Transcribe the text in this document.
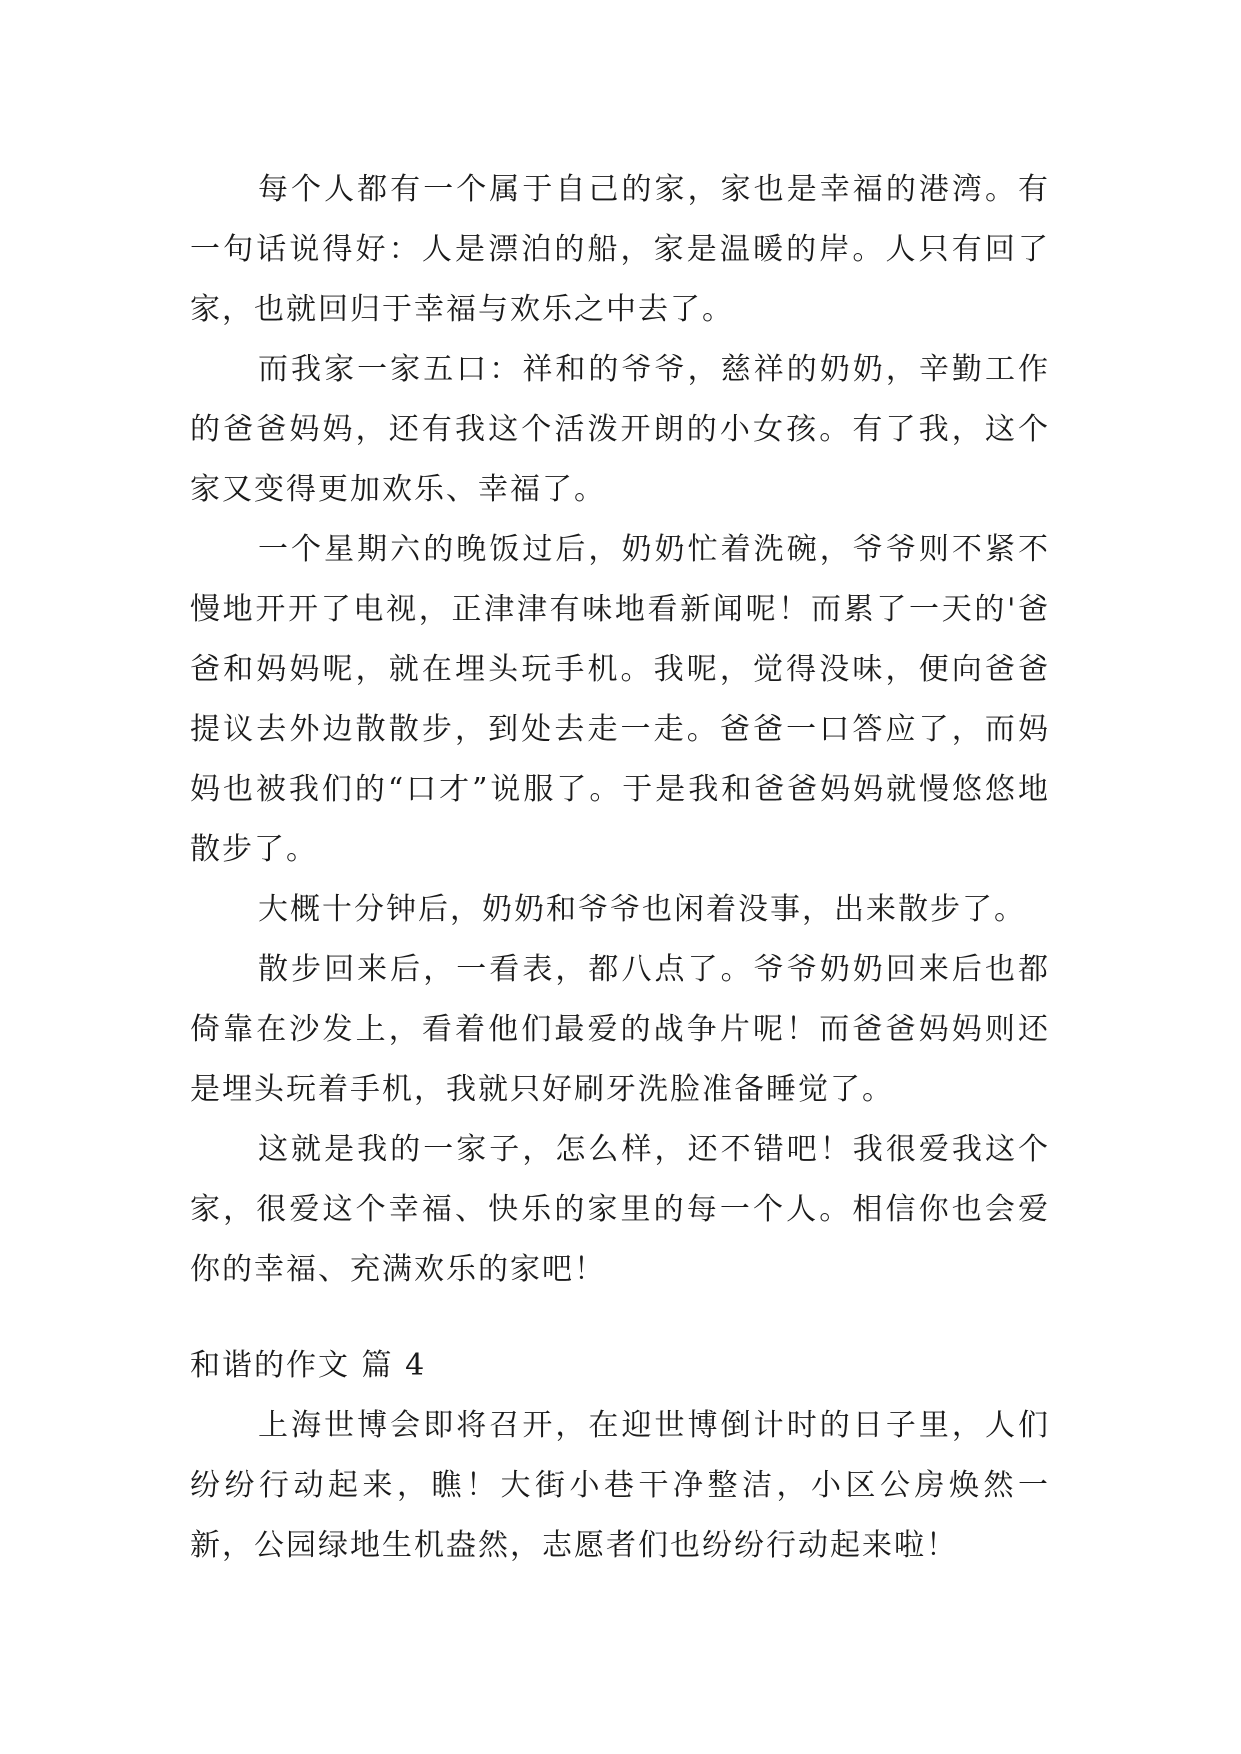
每个人都有一个属于自己的家，家也是幸福的港湾。有一句话说得好：人是漂泊的船，家是温暖的岸。人只有回了家，也就回归于幸福与欢乐之中去了。

而我家一家五口：祥和的爷爷，慈祥的奶奶，辛勤工作的爸爸妈妈，还有我这个活泼开朗的小女孩。有了我，这个家又变得更加欢乐、幸福了。

一个星期六的晚饭过后，奶奶忙着洗碗，爷爷则不紧不慢地开开了电视，正津津有味地看新闻呢！而累了一天的'爸爸和妈妈呢，就在埋头玩手机。我呢，觉得没味，便向爸爸提议去外边散散步，到处去走一走。爸爸一口答应了，而妈妈也被我们的“口才”说服了。于是我和爸爸妈妈就慢悠悠地散步了。

大概十分钟后，奶奶和爷爷也闲着没事，出来散步了。

散步回来后，一看表，都八点了。爷爷奶奶回来后也都倚靠在沙发上，看着他们最爱的战争片呢！而爸爸妈妈则还是埋头玩着手机，我就只好刷牙洗脸准备睡觉了。

这就是我的一家子，怎么样，还不错吧！我很爱我这个家，很爱这个幸福、快乐的家里的每一个人。相信你也会爱你的幸福、充满欢乐的家吧！

和谐的作文 篇 4

上海世博会即将召开，在迎世博倒计时的日子里，人们纷纷行动起来，瞧！大街小巷干净整洁，小区公房焕然一新，公园绿地生机盎然，志愿者们也纷纷行动起来啦！
